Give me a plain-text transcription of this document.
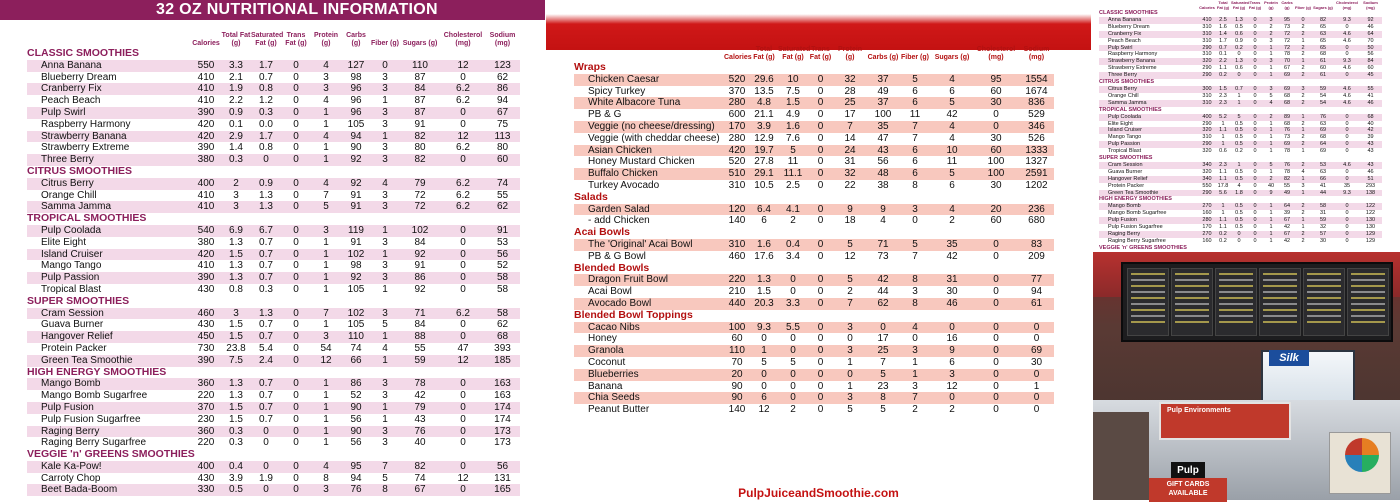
32 OZ NUTRITIONAL INFORMATION
	Calories	Total Fat (g)	Saturated Fat (g)	Trans Fat (g)	Protein (g)	Carbs (g)	Fiber (g)	Sugars (g)	Cholesterol (mg)	Sodium (mg)
CLASSIC SMOOTHIES										
Anna Banana	550	3.3	1.7	0	4	127	0	110	12	123
Blueberry Dream	410	2.1	0.7	0	3	98	3	87	0	62
Cranberry Fix	410	1.9	0.8	0	3	96	3	84	6.2	86
Peach Beach	410	2.2	1.2	0	4	96	1	87	6.2	94
Pulp Swirl	390	0.9	0.3	0	1	96	3	87	0	67
Raspberry Harmony	420	0.1	0.0	0	1	105	3	91	0	75
Strawberry Banana	420	2.9	1.7	0	4	94	1	82	12	113
Strawberry Extreme	390	1.4	0.8	0	1	90	3	80	6.2	80
Three Berry	380	0.3	0	0	1	92	3	82	0	60
CITRUS SMOOTHIES										
Citrus Berry	400	2	0.9	0	4	92	4	79	6.2	74
Orange Chill	410	3	1.3	0	7	91	3	72	6.2	55
Samma Jamma	410	3	1.3	0	5	91	3	72	6.2	62
TROPICAL SMOOTHIES										
Pulp Coolada	540	6.9	6.7	0	3	119	1	102	0	91
Elite Eight	380	1.3	0.7	0	1	91	3	84	0	53
Island Cruiser	420	1.5	0.7	0	1	102	1	92	0	56
Mango Tango	410	1.3	0.7	0	1	98	3	91	0	52
Pulp Passion	390	1.3	0.7	0	1	92	3	86	0	58
Tropical Blast	430	0.8	0.3	0	1	105	1	92	0	58
SUPER SMOOTHIES										
Cram Session	460	3	1.3	0	7	102	3	71	6.2	58
Guava Burner	430	1.5	0.7	0	1	105	5	84	0	62
Hangover Relief	450	1.5	0.7	0	3	110	1	88	0	68
Protein Packer	730	23.8	5.4	0	54	74	4	55	47	393
Green Tea Smoothie	390	7.5	2.4	0	12	66	1	59	12	185
HIGH ENERGY SMOOTHIES										
Mango Bomb	360	1.3	0.7	0	1	86	3	78	0	163
Mango Bomb Sugarfree	220	1.3	0.7	0	1	52	3	42	0	163
Pulp Fusion	370	1.5	0.7	0	1	90	1	79	0	174
Pulp Fusion Sugarfree	230	1.5	0.7	0	1	56	1	43	0	174
Raging Berry	360	0.3	0	0	1	90	3	76	0	173
Raging Berry Sugarfree	220	0.3	0	0	1	56	3	40	0	173
VEGGIE 'n' GREENS SMOOTHIES										
Kale Ka-Pow!	400	0.4	0	0	4	95	7	82	0	56
Carroty Chop	430	3.9	1.9	0	8	94	5	74	12	131
Beet Bada-Boom	330	0.5	0	0	3	76	8	67	0	165
	Calories	Total Fat (g)	Saturated Fat (g)	Trans Fat (g)	Protein (g)	Carbs (g)	Fiber (g)	Sugars (g)	Cholesterol (mg)	Sodium (mg)
Wraps										
Chicken Caesar	520	29.6	10	0	32	37	5	4	95	1554
Spicy Turkey	370	13.5	7.5	0	28	49	6	6	60	1674
White Albacore Tuna	280	4.8	1.5	0	25	37	6	5	30	836
PB & G	600	21.1	4.9	0	17	100	11	42	0	529
Veggie (no cheese/dressing)	170	3.9	1.6	0	7	35	7	4	0	346
Veggie (with cheddar cheese)	280	12.9	7.6	0	14	47	7	4	30	526
Asian Chicken	420	19.7	5	0	24	43	6	10	60	1333
Honey Mustard Chicken	520	27.8	11	0	31	56	6	11	100	1327
Buffalo Chicken	510	29.1	11.1	0	32	48	6	5	100	2591
Turkey Avocado	310	10.5	2.5	0	22	38	8	6	30	1202
Salads										
Garden Salad	120	6.4	4.1	0	9	9	3	4	20	236
- add Chicken	140	6	2	0	18	4	0	2	60	680
Acai Bowls										
The 'Original' Acai Bowl	310	1.6	0.4	0	5	71	5	35	0	83
PB & G Bowl	460	17.6	3.4	0	12	73	7	42	0	209
Blended Bowls										
Dragon Fruit Bowl	220	1.3	0	0	5	42	8	31	0	77
Acai Bowl	210	1.5	0	0	2	44	3	30	0	94
Avocado Bowl	440	20.3	3.3	0	7	62	8	46	0	61
Blended Bowl Toppings										
Cacao Nibs	100	9.3	5.5	0	3	0	4	0	0	0
Honey	60	0	0	0	0	17	0	16	0	0
Granola	110	1	0	0	3	25	3	9	0	69
Coconut	70	5	5	0	1	7	1	6	0	30
Blueberries	20	0	0	0	0	5	1	3	0	0
Banana	90	0	0	0	1	23	3	12	0	1
Chia Seeds	90	6	0	0	3	8	7	0	0	0
Peanut Butter	140	12	2	0	5	5	2	2	0	0
PulpJuiceandSmoothie.com
	Calories	Total Fat (g)	Saturated Fat (g)	Trans Fat (g)	Protein (g)	Carbs (g)	Fiber (g)	Sugars (g)	Cholesterol (mg)	Sodium (mg)
CLASSIC SMOOTHIES										
Anna Banana	410	2.5	1.3	0	3	95	0	82	9.3	92
Blueberry Dream	310	1.6	0.5	0	2	73	2	65	0	46
Cranberry Fix	310	1.4	0.6	0	2	72	2	63	4.6	64
Peach Beach	310	1.7	0.9	0	3	72	1	65	4.6	70
Pulp Swirl	290	0.7	0.2	0	1	72	2	65	0	50
Raspberry Harmony	310	0.1	0	0	1	78	2	68	0	56
Strawberry Banana	320	2.2	1.3	0	3	70	1	61	9.3	84
Strawberry Extreme	290	1.1	0.6	0	1	67	2	60	4.6	60
Three Berry	290	0.2	0	0	1	69	2	61	0	45
CITRUS SMOOTHIES										
Citrus Berry	300	1.5	0.7	0	3	69	3	59	4.6	55
Orange Chill	310	2.3	1	0	5	68	2	54	4.6	41
Samma Jamma	310	2.3	1	0	4	68	2	54	4.6	46
TROPICAL SMOOTHIES										
Pulp Coolada	400	5.2	5	0	2	89	1	76	0	68
Elite Eight	290	1	0.5	0	1	68	2	63	0	40
Island Cruiser	320	1.1	0.5	0	1	76	1	69	0	42
Mango Tango	310	1	0.5	0	1	73	2	68	0	39
Pulp Passion	290	1	0.5	0	1	69	2	64	0	43
Tropical Blast	320	0.6	0.2	0	1	78	1	69	0	43
SUPER SMOOTHIES										
Cram Session	340	2.3	1	0	5	76	2	53	4.6	43
Guava Burner	320	1.1	0.5	0	1	78	4	63	0	46
Hangover Relief	340	1.1	0.5	0	2	82	1	66	0	51
Protein Packer	550	17.8	4	0	40	55	3	41	35	293
Green Tea Smoothie	290	5.6	1.8	0	9	49	1	44	9.3	138
HIGH ENERGY SMOOTHIES										
Mango Bomb	270	1	0.5	0	1	64	2	58	0	122
Mango Bomb Sugarfree	160	1	0.5	0	1	39	2	31	0	122
Pulp Fusion	280	1.1	0.5	0	1	67	1	59	0	130
Pulp Fusion Sugarfree	170	1.1	0.5	0	1	42	1	32	0	130
Raging Berry	270	0.2	0	0	1	67	2	57	0	129
Raging Berry Sugarfree	160	0.2	0	0	1	42	2	30	0	129
VEGGIE 'n' GREENS SMOOTHIES										

Silk
Pulp Environments
Pulp
GIFT CARDS AVAILABLE
